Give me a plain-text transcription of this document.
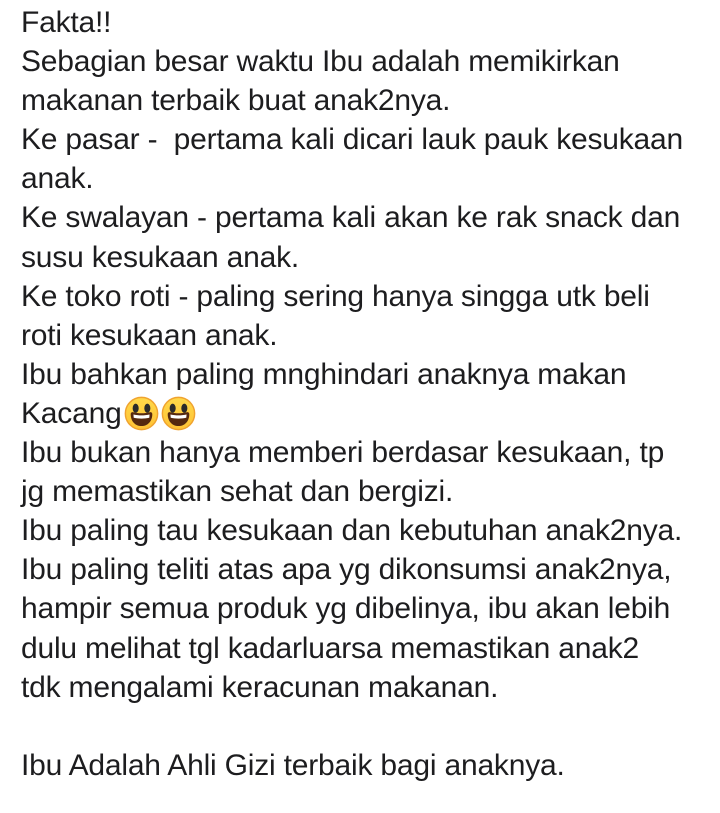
Fakta!!
Sebagian besar waktu Ibu adalah memikirkan
makanan terbaik buat anak2nya.
Ke pasar -  pertama kali dicari lauk pauk kesukaan
anak.
Ke swalayan - pertama kali akan ke rak snack dan
susu kesukaan anak.
Ke toko roti - paling sering hanya singga utk beli
roti kesukaan anak.
Ibu bahkan paling mnghindari anaknya makan
Kacang
Ibu bukan hanya memberi berdasar kesukaan, tp
jg memastikan sehat dan bergizi.
Ibu paling tau kesukaan dan kebutuhan anak2nya.
Ibu paling teliti atas apa yg dikonsumsi anak2nya,
hampir semua produk yg dibelinya, ibu akan lebih
dulu melihat tgl kadarluarsa memastikan anak2
tdk mengalami keracunan makanan.
Ibu Adalah Ahli Gizi terbaik bagi anaknya.
